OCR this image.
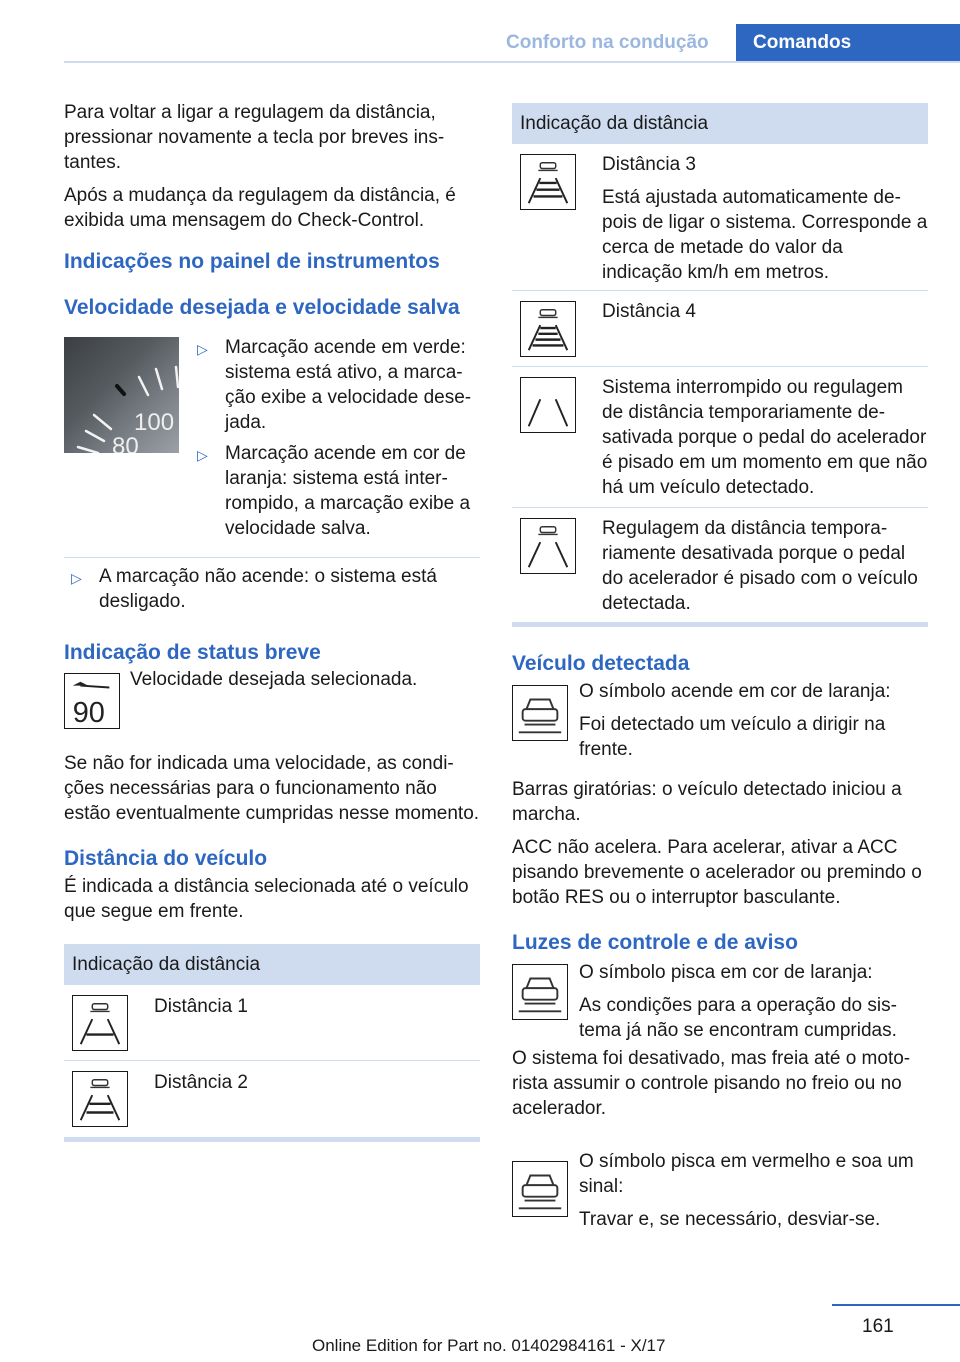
Conforto na condução	Comandos

Para voltar a ligar a regulagem da distância, pressionar novamente a tecla por breves instantes.

Após a mudança da regulagem da distância, é exibida uma mensagem do Check-Control.

Indicações no painel de instrumentos
Velocidade desejada e velocidade salva
100
80
▷ Marcação acende em verde: sistema está ativo, a marcação exibe a velocidade desejada.
▷ Marcação acende em cor de laranja: sistema está interrompido, a marcação exibe a velocidade salva.
▷ A marcação não acende: o sistema está desligado.
Indicação de status breve
90
Velocidade desejada selecionada.

Se não for indicada uma velocidade, as condições necessárias para o funcionamento não estão eventualmente cumpridas nesse momento.

Distância do veículo

É indicada a distância selecionada até o veículo que segue em frente.

Indicação da distância
Distância 1
Distância 2
Indicação da distância
Distância 3
Está ajustada automaticamente depois de ligar o sistema. Corresponde a cerca de metade do valor da indicação km/h em metros.
Distância 4
Sistema interrompido ou regulagem de distância temporariamente desativada porque o pedal do acelerador é pisado em um momento em que não há um veículo detectado.
Regulagem da distância temporariamente desativada porque o pedal do acelerador é pisado com o veículo detectada.
Veículo detectada
O símbolo acende em cor de laranja:
Foi detectado um veículo a dirigir na frente.

Barras giratórias: o veículo detectado iniciou a marcha.

ACC não acelera. Para acelerar, ativar a ACC pisando brevemente o acelerador ou premindo o botão RES ou o interruptor basculante.

Luzes de controle e de aviso
O símbolo pisca em cor de laranja:
As condições para a operação do sistema já não se encontram cumpridas.

O sistema foi desativado, mas freia até o motorista assumir o controle pisando no freio ou no acelerador.

O símbolo pisca em vermelho e soa um sinal:
Travar e, se necessário, desviar-se.
161
Online Edition for Part no. 01402984161 - X/17
